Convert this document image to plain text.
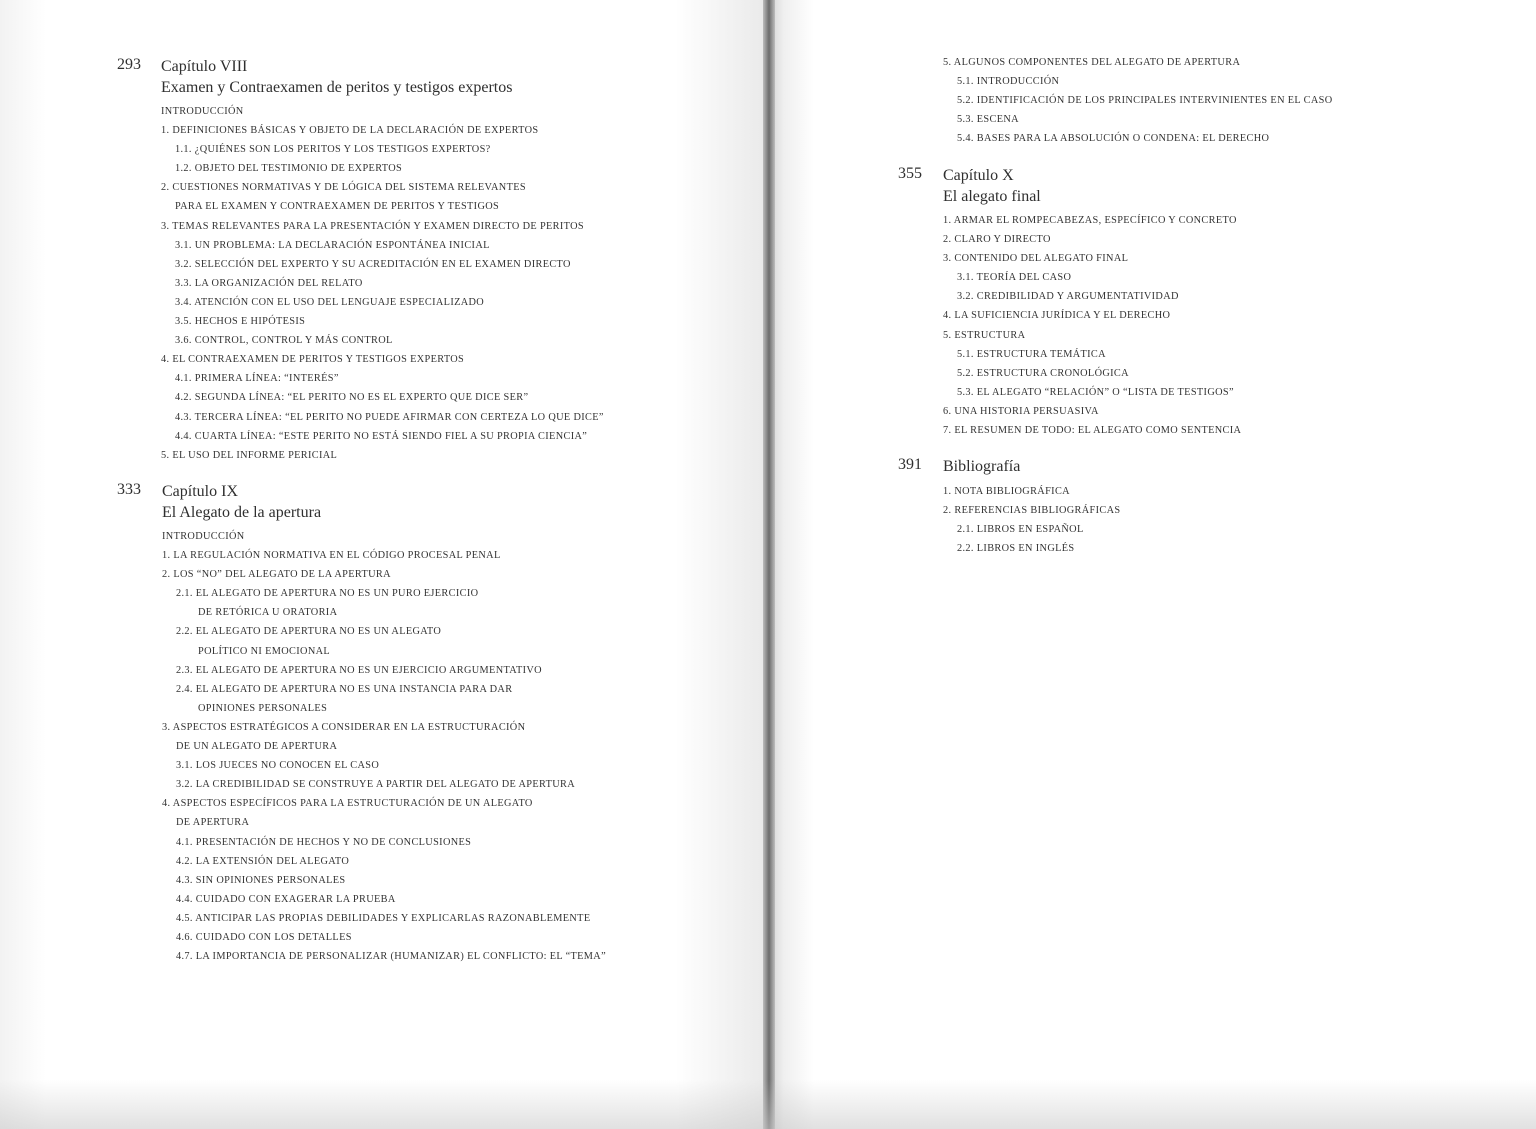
293 Capítulo VIII
Examen y Contraexamen de peritos y testigos expertos
INTRODUCCIÓN
1. DEFINICIONES BÁSICAS Y OBJETO DE LA DECLARACIÓN DE EXPERTOS
1.1. ¿QUIÉNES SON LOS PERITOS Y LOS TESTIGOS EXPERTOS?
1.2. OBJETO DEL TESTIMONIO DE EXPERTOS
2. CUESTIONES NORMATIVAS Y DE LÓGICA DEL SISTEMA RELEVANTES
PARA EL EXAMEN Y CONTRAEXAMEN DE PERITOS Y TESTIGOS
3. TEMAS RELEVANTES PARA LA PRESENTACIÓN Y EXAMEN DIRECTO DE PERITOS
3.1. UN PROBLEMA: LA DECLARACIÓN ESPONTÁNEA INICIAL
3.2. SELECCIÓN DEL EXPERTO Y SU ACREDITACIÓN EN EL EXAMEN DIRECTO
3.3. LA ORGANIZACIÓN DEL RELATO
3.4. ATENCIÓN CON EL USO DEL LENGUAJE ESPECIALIZADO
3.5. HECHOS E HIPÓTESIS
3.6. CONTROL, CONTROL Y MÁS CONTROL
4. EL CONTRAEXAMEN DE PERITOS Y TESTIGOS EXPERTOS
4.1. PRIMERA LÍNEA: “INTERÉS”
4.2. SEGUNDA LÍNEA: “EL PERITO NO ES EL EXPERTO QUE DICE SER”
4.3. TERCERA LÍNEA: “EL PERITO NO PUEDE AFIRMAR CON CERTEZA LO QUE DICE”
4.4. CUARTA LÍNEA: “ESTE PERITO NO ESTÁ SIENDO FIEL A SU PROPIA CIENCIA”
5. EL USO DEL INFORME PERICIAL
333 Capítulo IX
El Alegato de la apertura
INTRODUCCIÓN
1. LA REGULACIÓN NORMATIVA EN EL CÓDIGO PROCESAL PENAL
2. LOS “NO” DEL ALEGATO DE LA APERTURA
2.1. EL ALEGATO DE APERTURA NO ES UN PURO EJERCICIO
DE RETÓRICA U ORATORIA
2.2. EL ALEGATO DE APERTURA NO ES UN ALEGATO
POLÍTICO NI EMOCIONAL
2.3. EL ALEGATO DE APERTURA NO ES UN EJERCICIO ARGUMENTATIVO
2.4. EL ALEGATO DE APERTURA NO ES UNA INSTANCIA PARA DAR
OPINIONES PERSONALES
3. ASPECTOS ESTRATÉGICOS A CONSIDERAR EN LA ESTRUCTURACIÓN
DE UN ALEGATO DE APERTURA
3.1. LOS JUECES NO CONOCEN EL CASO
3.2. LA CREDIBILIDAD SE CONSTRUYE A PARTIR DEL ALEGATO DE APERTURA
4. ASPECTOS ESPECÍFICOS PARA LA ESTRUCTURACIÓN DE UN ALEGATO
DE APERTURA
4.1. PRESENTACIÓN DE HECHOS Y NO DE CONCLUSIONES
4.2. LA EXTENSIÓN DEL ALEGATO
4.3. SIN OPINIONES PERSONALES
4.4. CUIDADO CON EXAGERAR LA PRUEBA
4.5. ANTICIPAR LAS PROPIAS DEBILIDADES Y EXPLICARLAS RAZONABLEMENTE
4.6. CUIDADO CON LOS DETALLES
4.7. LA IMPORTANCIA DE PERSONALIZAR (HUMANIZAR) EL CONFLICTO: EL “TEMA”
5. ALGUNOS COMPONENTES DEL ALEGATO DE APERTURA
5.1. INTRODUCCIÓN
5.2. IDENTIFICACIÓN DE LOS PRINCIPALES INTERVINIENTES EN EL CASO
5.3. ESCENA
5.4. BASES PARA LA ABSOLUCIÓN O CONDENA: EL DERECHO
355 Capítulo X
El alegato final
1. ARMAR EL ROMPECABEZAS, ESPECÍFICO Y CONCRETO
2. CLARO Y DIRECTO
3. CONTENIDO DEL ALEGATO FINAL
3.1. TEORÍA DEL CASO
3.2. CREDIBILIDAD Y ARGUMENTATIVIDAD
4. LA SUFICIENCIA JURÍDICA Y EL DERECHO
5. ESTRUCTURA
5.1. ESTRUCTURA TEMÁTICA
5.2. ESTRUCTURA CRONOLÓGICA
5.3. EL ALEGATO “RELACIÓN” O “LISTA DE TESTIGOS”
6. UNA HISTORIA PERSUASIVA
7. EL RESUMEN DE TODO: EL ALEGATO COMO SENTENCIA
391 Bibliografía
1. NOTA BIBLIOGRÁFICA
2. REFERENCIAS BIBLIOGRÁFICAS
2.1. LIBROS EN ESPAÑOL
2.2. LIBROS EN INGLÉS
